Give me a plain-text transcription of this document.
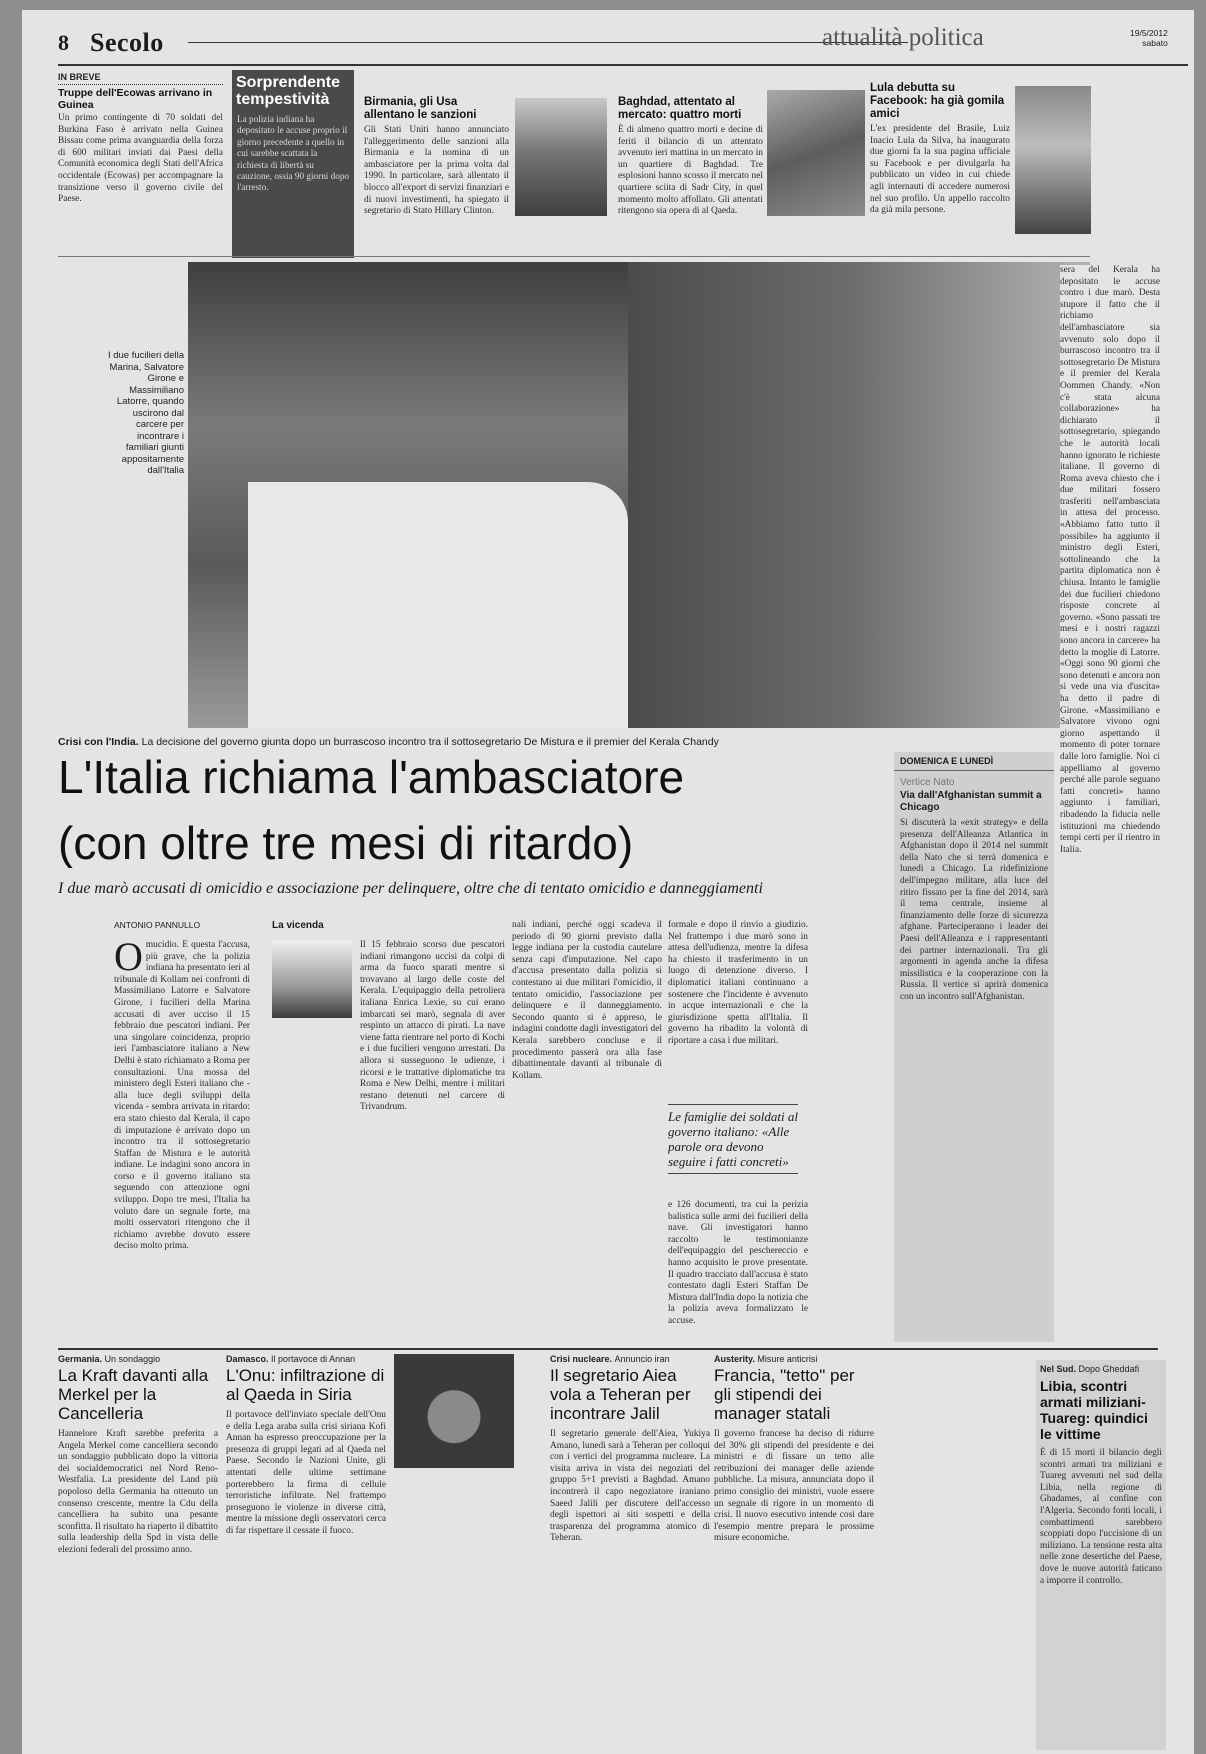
8 Secolo	attualità politica	19/5/2012
sabato
IN BREVE
Truppe dell'Ecowas arrivano in Guinea
Un primo contingente di 70 soldati del Burkina Faso è arrivato nella Guinea Bissau come prima avanguardia della forza di 600 militari inviati dai Paesi della Comunità economica degli Stati dell'Africa occidentale (Ecowas) per accompagnare la transizione verso il governo civile del Paese.
Sorprendente tempestività
La polizia indiana ha depositato le accuse proprio il giorno precedente a quello in cui sarebbe scattata la richiesta di libertà su cauzione, ossia 90 giorni dopo l'arresto.
Birmania, gli Usa allentano le sanzioni
Gli Stati Uniti hanno annunciato l'alleggerimento delle sanzioni alla Birmania e la nomina di un ambasciatore per la prima volta dal 1990. In particolare, sarà allentato il blocco all'export di servizi finanziari e di nuovi investimenti, ha spiegato il segretario di Stato Hillary Clinton.
Baghdad, attentato al mercato: quattro morti
È di almeno quattro morti e decine di feriti il bilancio di un attentato avvenuto ieri mattina in un mercato in un quartiere di Baghdad. Tre esplosioni hanno scosso il mercato nel quartiere sciita di Sadr City, in quel momento molto affollato. Gli attentati ritengono sia opera di al Qaeda.
Lula debutta su Facebook: ha già gomila amici
L'ex presidente del Brasile, Luiz Inacio Lula da Silva, ha inaugurato due giorni fa la sua pagina ufficiale su Facebook e per divulgarla ha pubblicato un video in cui chiede agli internauti di accedere numerosi nel suo profilo. Un appello raccolto da già mila persone.
I due fucilieri della Marina, Salvatore Girone e Massimiliano Latorre, quando uscirono dal carcere per incontrare i familiari giunti appositamente dall'Italia
sera del Kerala ha depositato le accuse contro i due marò. Desta stupore il fatto che il richiamo dell'ambasciatore sia avvenuto solo dopo il burrascoso incontro tra il sottosegretario De Mistura e il premier del Kerala Oommen Chandy. «Non c'è stata alcuna collaborazione» ha dichiarato il sottosegretario, spiegando che le autorità locali hanno ignorato le richieste italiane. Il governo di Roma aveva chiesto che i due militari fossero trasferiti nell'ambasciata in attesa del processo. «Abbiamo fatto tutto il possibile» ha aggiunto il ministro degli Esteri, sottolineando che la partita diplomatica non è chiusa. Intanto le famiglie dei due fucilieri chiedono risposte concrete al governo. «Sono passati tre mesi e i nostri ragazzi sono ancora in carcere» ha detto la moglie di Latorre. «Oggi sono 90 giorni che sono detenuti e ancora non si vede una via d'uscita» ha detto il padre di Girone. «Massimiliano e Salvatore vivono ogni giorno aspettando il momento di poter tornare dalle loro famiglie. Noi ci appelliamo al governo perché alle parole seguano fatti concreti» hanno aggiunto i familiari, ribadendo la fiducia nelle istituzioni ma chiedendo tempi certi per il rientro in Italia.
Crisi con l'India. La decisione del governo giunta dopo un burrascoso incontro tra il sottosegretario De Mistura e il premier del Kerala Chandy
L'Italia richiama l'ambasciatore
(con oltre tre mesi di ritardo)
I due marò accusati di omicidio e associazione per delinquere, oltre che di tentato omicidio e danneggiamenti
ANTONIO PANNULLO
O mucidio. È questa l'accusa, più grave, che la polizia indiana ha presentato ieri al tribunale di Kollam nei confronti di Massimiliano Latorre e Salvatore Girone, i fucilieri della Marina accusati di aver ucciso il 15 febbraio due pescatori indiani. Per una singolare coincidenza, proprio ieri l'ambasciatore italiano a New Delhi è stato richiamato a Roma per consultazioni. Una mossa del ministero degli Esteri italiano che - alla luce degli sviluppi della vicenda - sembra arrivata in ritardo: era stato chiesto dal Kerala, il capo di imputazione è arrivato dopo un incontro tra il sottosegretario Staffan de Mistura e le autorità indiane. Le indagini sono ancora in corso e il governo italiano sta seguendo con attenzione ogni sviluppo. Dopo tre mesi, l'Italia ha voluto dare un segnale forte, ma molti osservatori ritengono che il richiamo avrebbe dovuto essere deciso molto prima.
La vicenda
Il 15 febbraio scorso due pescatori indiani rimangono uccisi da colpi di arma da fuoco sparati mentre si trovavano al largo delle coste del Kerala. L'equipaggio della petroliera italiana Enrica Lexie, su cui erano imbarcati sei marò, segnala di aver respinto un attacco di pirati. La nave viene fatta rientrare nel porto di Kochi e i due fucilieri vengono arrestati. Da allora si susseguono le udienze, i ricorsi e le trattative diplomatiche tra Roma e New Delhi, mentre i militari restano detenuti nel carcere di Trivandrum.
nali indiani, perché oggi scadeva il periodo di 90 giorni previsto dalla legge indiana per la custodia cautelare senza capi d'imputazione. Nel capo d'accusa presentato dalla polizia si contestano ai due militari l'omicidio, il tentato omicidio, l'associazione per delinquere e il danneggiamento. Secondo quanto si è appreso, le indagini condotte dagli investigatori del Kerala sarebbero concluse e il procedimento passerà ora alla fase dibattimentale davanti al tribunale di Kollam.
formale e dopo il rinvio a giudizio. Nel frattempo i due marò sono in attesa dell'udienza, mentre la difesa ha chiesto il trasferimento in un luogo di detenzione diverso. I diplomatici italiani continuano a sostenere che l'incidente è avvenuto in acque internazionali e che la giurisdizione spetta all'Italia. Il governo ha ribadito la volontà di riportare a casa i due militari.
Le famiglie dei soldati al governo italiano: «Alle parole ora devono seguire i fatti concreti»
e 126 documenti, tra cui la perizia balistica sulle armi dei fucilieri della nave. Gli investigatori hanno raccolto le testimonianze dell'equipaggio del peschereccio e hanno acquisito le prove presentate. Il quadro tracciato dall'accusa è stato contestato dagli Esteri Staffan De Mistura dall'India dopo la notizia che la polizia aveva formalizzato le accuse.
DOMENICA E LUNEDÌ
Vertice Nato
Via dall'Afghanistan summit a Chicago
Si discuterà la «exit strategy» e della presenza dell'Alleanza Atlantica in Afghanistan dopo il 2014 nel summit della Nato che si terrà domenica e lunedì a Chicago. La ridefinizione dell'impegno militare, alla luce del ritiro fissato per la fine del 2014, sarà il tema centrale, insieme al finanziamento delle forze di sicurezza afghane. Parteciperanno i leader dei Paesi dell'Alleanza e i rappresentanti dei partner internazionali. Tra gli argomenti in agenda anche la difesa missilistica e la cooperazione con la Russia. Il vertice si aprirà domenica con un incontro sull'Afghanistan.
Germania. Un sondaggio
La Kraft davanti alla Merkel per la Cancelleria
Hannelore Kraft sarebbe preferita a Angela Merkel come cancelliera secondo un sondaggio pubblicato dopo la vittoria dei socialdemocratici nel Nord Reno-Westfalia. La presidente del Land più popoloso della Germania ha ottenuto un consenso crescente, mentre la Cdu della cancelliera ha subito una pesante sconfitta. Il risultato ha riaperto il dibattito sulla leadership della Spd in vista delle elezioni federali del prossimo anno.
Damasco. Il portavoce di Annan
L'Onu: infiltrazione di al Qaeda in Siria
Il portavoce dell'inviato speciale dell'Onu e della Lega araba sulla crisi siriana Kofi Annan ha espresso preoccupazione per la presenza di gruppi legati ad al Qaeda nel Paese. Secondo le Nazioni Unite, gli attentati delle ultime settimane porterebbero la firma di cellule terroristiche infiltrate. Nel frattempo proseguono le violenze in diverse città, mentre la missione degli osservatori cerca di far rispettare il cessate il fuoco.
Crisi nucleare. Annuncio iran
Il segretario Aiea vola a Teheran per incontrare Jalil
Il segretario generale dell'Aiea, Yukiya Amano, lunedì sarà a Teheran per colloqui con i vertici del programma nucleare. La visita arriva in vista dei negoziati del gruppo 5+1 previsti a Baghdad. Amano incontrerà il capo negoziatore iraniano Saeed Jalili per discutere dell'accesso degli ispettori ai siti sospetti e della trasparenza del programma atomico di Teheran.
Austerity. Misure anticrisi
Francia, "tetto" per gli stipendi dei manager statali
Il governo francese ha deciso di ridurre del 30% gli stipendi del presidente e dei ministri e di fissare un tetto alle retribuzioni dei manager delle aziende pubbliche. La misura, annunciata dopo il primo consiglio dei ministri, vuole essere un segnale di rigore in un momento di crisi. Il nuovo esecutivo intende così dare l'esempio mentre prepara le prossime misure economiche.
Nel Sud. Dopo Gheddafi
Libia, scontri armati miliziani-Tuareg: quindici le vittime
È di 15 morti il bilancio degli scontri armati tra miliziani e Tuareg avvenuti nel sud della Libia, nella regione di Ghadames, al confine con l'Algeria. Secondo fonti locali, i combattimenti sarebbero scoppiati dopo l'uccisione di un miliziano. La tensione resta alta nelle zone desertiche del Paese, dove le nuove autorità faticano a imporre il controllo.
